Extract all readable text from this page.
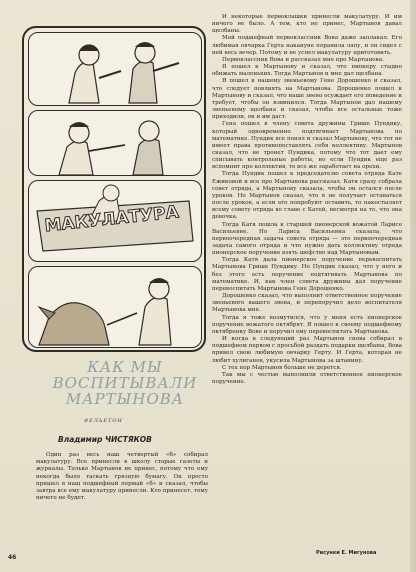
МАКУЛАТУРА
КАК МЫ
ВОСПИТЫВАЛИ МАРТЫНОВА
ФЕЛЬЕТОН
Владимир ЧИСТЯКОВ
Один раз весь наш четвертый «б» собирал макулатуру. Все принесли в школу старые газеты и журналы. Только Мартынов не принес, потому что ему некогда было таскать грязную бумагу. Он просто пришел в наш подшефный первый «б» и сказал, чтобы завтра все ему макулатуру принесли. Кто принесет, тому ничего не будет.

И некоторые первоклашки принесли макулатуру. И им ничего не было. А тем, кто не принес, Мартынов давал щелбаны.

Мой подшефный первоклассник Вова даже заплакал. Его любимая овчарка Герта накануне поранила лапу, и он сидел с ней весь вечер. Потому и не успел макулатуру приготовить.

Первоклассник Вова и рассказал мне про Мартынова.

Я пошел к Мартынову и сказал, что пионеру стыдно обижать маленьких. Тогда Мартынов и мне дал щелбана.

Я пошел к нашему звеньевому Гене Дорошенко и сказал, что следует повлиять на Мартынова. Дорошенко пошел к Мартынову и сказал, что наше звено осуждает его поведение и требует, чтобы он извинился. Тогда Мартынов дал нашему звеньевому щелбана и сказал, чтобы все остальные тоже приходили, он и им даст.

Гена пошел к члену совета дружины Грише Пундику, который одновременно подтягивает Мартынова по математике. Пундик все понял и сказал Мартынову, что тот не имеет права противопоставлять себя коллективу. Мартынов сказал, что не тронет Пундика, потому что тот дает ему списывать контрольные работы, но если Пундик еще раз вспомнит про коллектив, то все же заработает на орехи.

Тогда Пундик пошел к председателю совета отряда Кате Ежиковой и все про Мартынова рассказал. Катя сразу собрала совет отряда, а Мартынову сказала, чтобы он остался после уроков. Но Мартынов сказал, что в не получает оставаться после уроков, а если его попробуют оставить, то накостыляет всему совету отряда во главе с Катей, несмотря на то, что она девочка.

Тогда Катя пошла к старшей пионерской вожатой Ларисе Васильевне. Но Лариса Васильевна сказала, что первоочередная задача совета отряда — это первоочередная задача самого отряда и что нужно дать коллективу отряда пионерское поручение взять шефство над Мартыновым.

Тогда Катя дала пионерское поручение перевоспитать Мартынова Грише Пундику. Но Пундик сказал, что у него и без этого есть поручение подтягивать Мартынова по математике. И, как член совета дружины дал поручение перевоспитать Мартынова Гене Дорошенко.

Дорошенко сказал, что выполнит ответственное поручение звеньевого вашего звена, и перепоручил дело воспитателя Мартынова мне.

Тогда я тоже возмутился, что у меня есть пионерское поручение вожатого октябрят. Я пошел к своему подшефному октябренку Вове и поручил ему перевоспитать Мартынова.

И когда в следующий раз Мартынов снова собирал в подшефном первом с просьбой раздать подарки щелбаны, Вова привел свою любимую овчарку Герту. И Герта, которая не любит хулиганов, укусила Мартынова за штанину.

С тех пор Мартынов больше не дерется.

Так мы с честью выполнили ответственное пионерское поручение.

46
Рисунки Е. Мигунова
